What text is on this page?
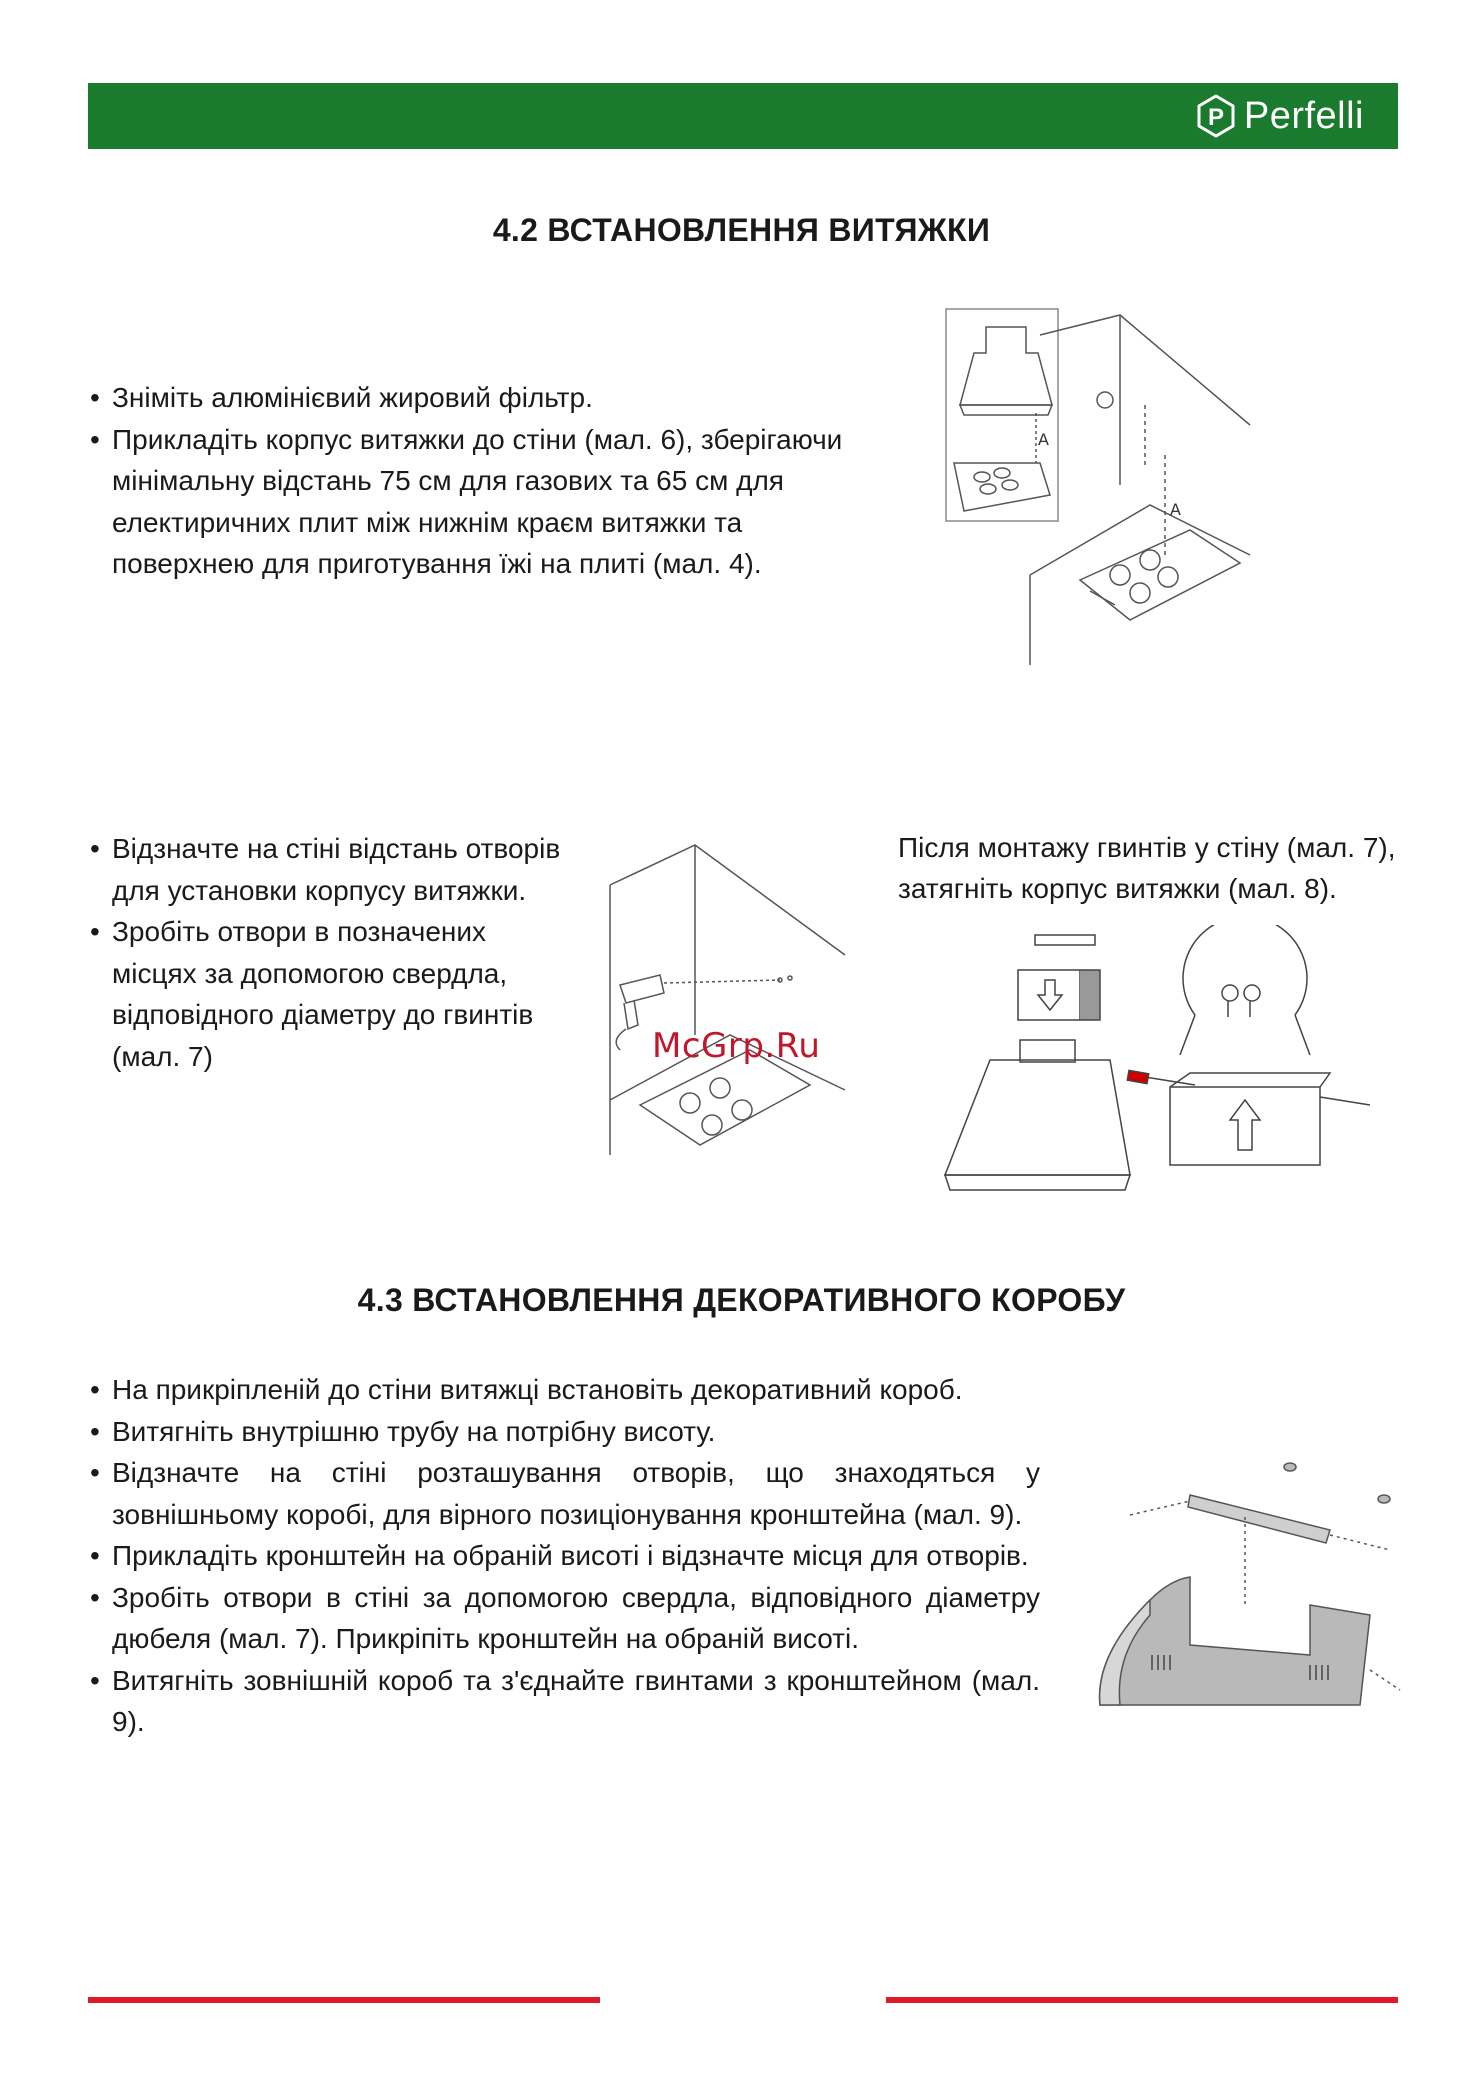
P Perfelli
4.2 ВСТАНОВЛЕННЯ ВИТЯЖКИ
• Зніміть алюмінієвий жировий фільтр.
• Прикладіть корпус витяжки до стіни (мал. 6), зберігаючи мінімальну відстань 75 см для газових та 65 см для електиричних плит між нижнім краєм витяжки та поверхнею для приготування їжі на плиті (мал. 4).
A
A
• Відзначте на стіні відстань отворів для установки корпусу витяжки.
• Зробіть отвори в позначених місцях за допомогою свердла, відповідного діаметру до гвинтів (мал. 7)
Після монтажу гвинтів у стіну (мал. 7), затягніть корпус витяжки (мал. 8).
McGrp.Ru
4.3 ВСТАНОВЛЕННЯ ДЕКОРАТИВНОГО КОРОБУ
• На прикріпленій до стіни витяжці встановіть декоративний короб.
• Витягніть внутрішню трубу на потрібну висоту.
• Відзначте на стіні розташування отворів, що знаходяться у зовнішньому коробі, для вірного позиціонування кронштейна (мал. 9).
• Прикладіть кронштейн на обраній висоті і відзначте місця для отворів.
• Зробіть отвори в стіні за допомогою свердла, відповідного діаметру дюбеля (мал. 7). Прикріпіть кронштейн на обраній висоті.
• Витягніть зовнішній короб та з'єднайте гвинтами з кронштейном (мал. 9).
